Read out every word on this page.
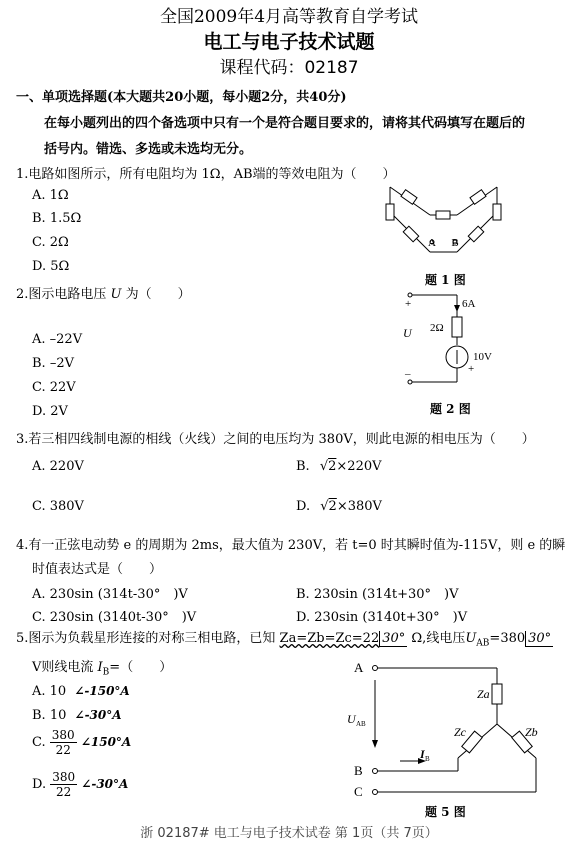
全国2009年4月高等教育自学考试
电工与电子技术试题
课程代码：02187
一、单项选择题(本大题共20小题，每小题2分，共40分)
在每小题列出的四个备选项中只有一个是符合题目要求的，请将其代码填写在题后的
括号内。错选、多选或未选均无分。
1.电路如图所示，所有电阻均为 1Ω，AB端的等效电阻为（　　）
A. 1Ω
B. 1.5Ω
C. 2Ω
D. 5Ω
A B
题 1 图
2.图示电路电压 U 为（　　）
A. –22V
B. –2V
C. 22V
D. 2V
+
–
6A
2Ω
U
10V
+
题 2 图
3.若三相四线制电源的相线（火线）之间的电压均为 380V，则此电源的相电压为（　　）
A. 220V	B. √2×220V
C. 380V	D. √2×380V
4.有一正弦电动势 e 的周期为 2ms，最大值为 230V，若 t=0 时其瞬时值为-115V，则 e 的瞬
时值表达式是（　　）
A. 230sin (314t-30°　)V	B. 230sin (314t+30°　)V
C. 230sin (3140t-30°　)V	D. 230sin (3140t+30°　)V
5.图示为负载星形连接的对称三相电路，已知 Za=Zb=Zc=22 30° Ω,线电压$U_{AB}=380$ 30°
V则线电流 $I_B=$（　　）
A. 10 ∠-150°A
B. 10 ∠-30°A
C. $\frac{380}{22}$ ∠150°A
D. $\frac{380}{22}$ ∠-30°A
A
B
C
Za
Zc	Zb
U AB
I B
题 5 图
浙 02187# 电工与电子技术试卷 第 1页（共 7页）
